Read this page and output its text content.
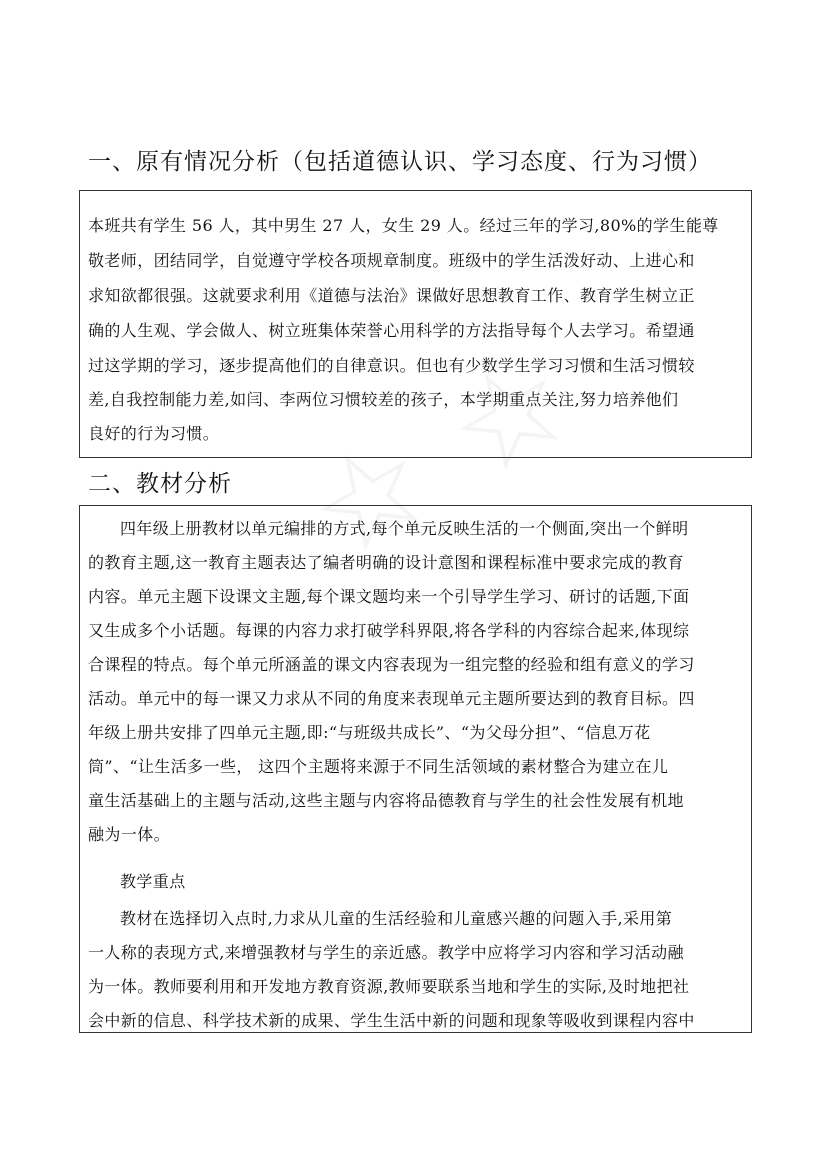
一、原有情况分析（包括道德认识、学习态度、行为习惯）
本班共有学生 56 人，其中男生 27 人，女生 29 人。经过三年的学习,80%的学生能尊
敬老师，团结同学，自觉遵守学校各项规章制度。班级中的学生活泼好动、上进心和
求知欲都很强。这就要求利用《道德与法治》课做好思想教育工作、教育学生树立正
确的人生观、学会做人、树立班集体荣誉心用科学的方法指导每个人去学习。希望通
过这学期的学习，逐步提高他们的自律意识。但也有少数学生学习习惯和生活习惯较
差,自我控制能力差,如闫、李两位习惯较差的孩子，本学期重点关注,努力培养他们
良好的行为习惯。
二、教材分析
四年级上册教材以单元编排的方式,每个单元反映生活的一个侧面,突出一个鲜明
的教育主题,这一教育主题表达了编者明确的设计意图和课程标准中要求完成的教育
内容。单元主题下设课文主题,每个课文题均来一个引导学生学习、研讨的话题,下面
又生成多个小话题。每课的内容力求打破学科界限,将各学科的内容综合起来,体现综
合课程的特点。每个单元所涵盖的课文内容表现为一组完整的经验和组有意义的学习
活动。单元中的每一课又力求从不同的角度来表现单元主题所要达到的教育目标。四
年级上册共安排了四单元主题,即:“与班级共成长”、“为父母分担”、“信息万花
筒”、“让生活多一些， 这四个主题将来源于不同生活领域的素材整合为建立在儿
童生活基础上的主题与活动,这些主题与内容将品德教育与学生的社会性发展有机地
融为一体。
教学重点
教材在选择切入点时,力求从儿童的生活经验和儿童感兴趣的问题入手,采用第
一人称的表现方式,来增强教材与学生的亲近感。教学中应将学习内容和学习活动融
为一体。教师要利用和开发地方教育资源,教师要联系当地和学生的实际,及时地把社
会中新的信息、科学技术新的成果、学生生活中新的问题和现象等吸收到课程内容中
